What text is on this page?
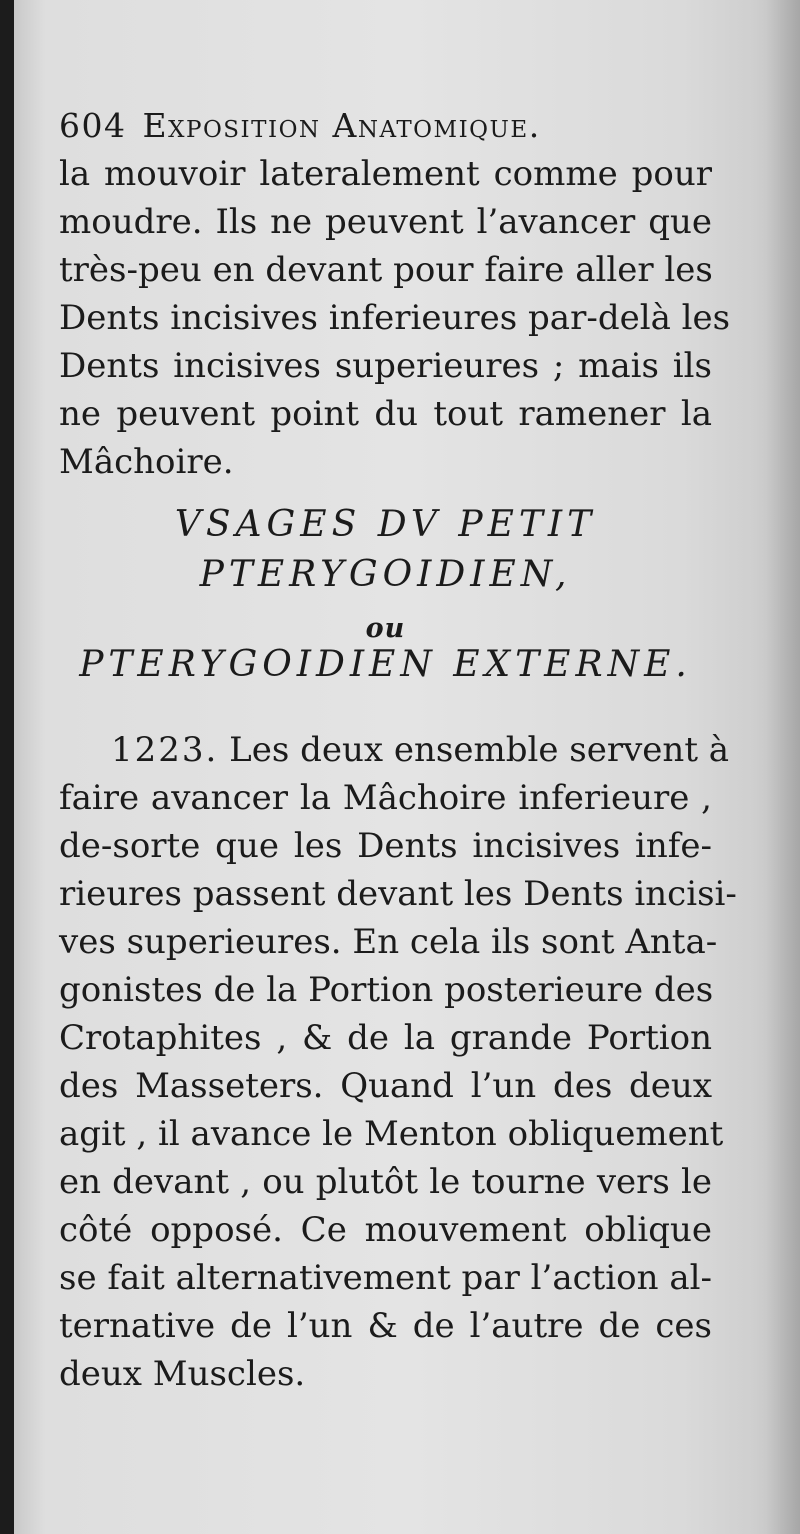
604 Exposition Anatomique.
la mouvoir lateralement comme pour
moudre. Ils ne peuvent l’avancer que
très-peu en devant pour faire aller les
Dents incisives inferieures par-delà les
Dents incisives superieures ; mais ils
ne peuvent point du tout ramener la
Mâchoire.
VSAGES DV PETIT
PTERYGOIDIEN,
ou
PTERYGOIDIEN EXTERNE.
1223. Les deux ensemble servent à
faire avancer la Mâchoire inferieure ,
de-sorte que les Dents incisives infe-
rieures passent devant les Dents incisi-
ves superieures. En cela ils sont Anta-
gonistes de la Portion posterieure des
Crotaphites , & de la grande Portion
des Masseters. Quand l’un des deux
agit , il avance le Menton obliquement
en devant , ou plutôt le tourne vers le
côté opposé. Ce mouvement oblique
se fait alternativement par l’action al-
ternative de l’un & de l’autre de ces
deux Muscles.
